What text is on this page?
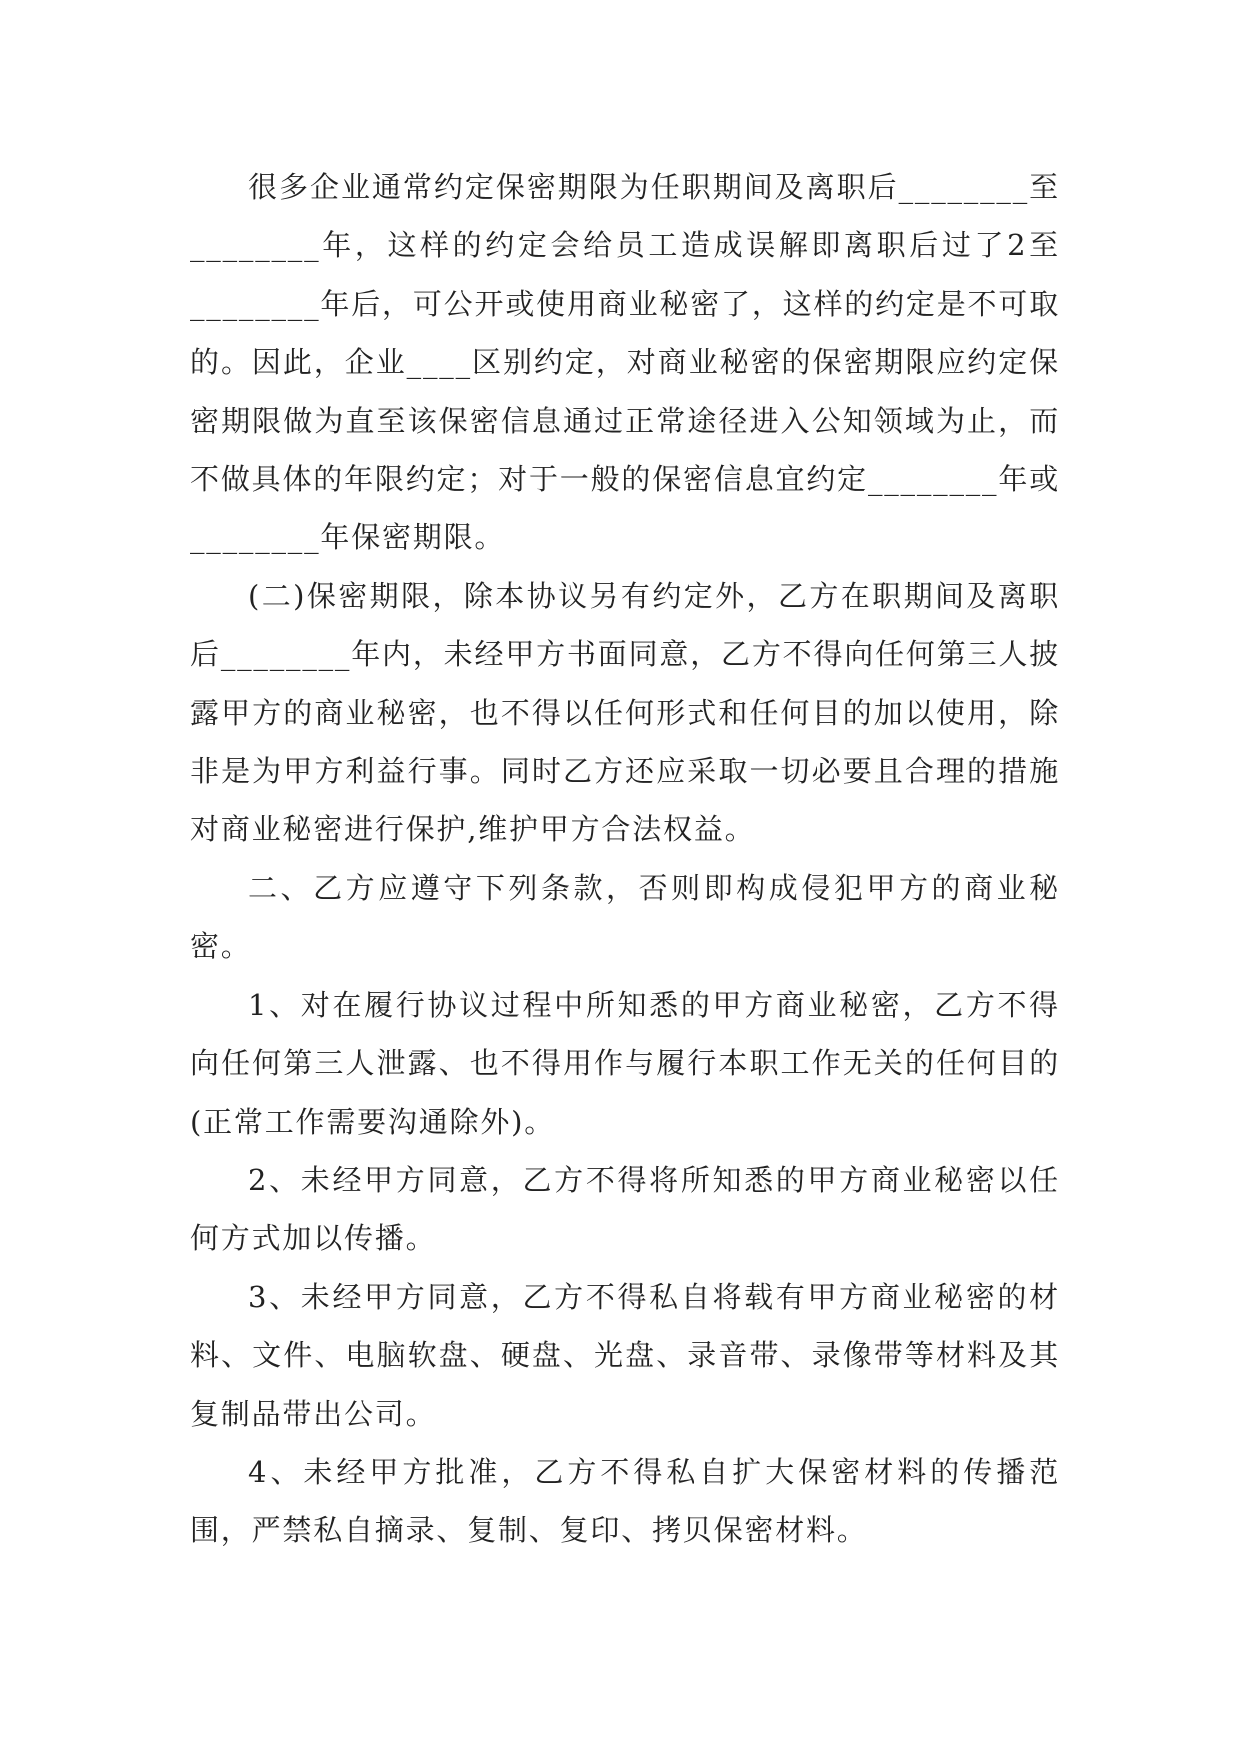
很多企业通常约定保密期限为任职期间及离职后________至________年，这样的约定会给员工造成误解即离职后过了2至________年后，可公开或使用商业秘密了，这样的约定是不可取的。因此，企业____区别约定，对商业秘密的保密期限应约定保密期限做为直至该保密信息通过正常途径进入公知领域为止，而不做具体的年限约定；对于一般的保密信息宜约定________年或________年保密期限。

(二)保密期限，除本协议另有约定外，乙方在职期间及离职后________年内，未经甲方书面同意，乙方不得向任何第三人披露甲方的商业秘密，也不得以任何形式和任何目的加以使用，除非是为甲方利益行事。同时乙方还应采取一切必要且合理的措施对商业秘密进行保护,维护甲方合法权益。

二、乙方应遵守下列条款，否则即构成侵犯甲方的商业秘密。

1、对在履行协议过程中所知悉的甲方商业秘密，乙方不得向任何第三人泄露、也不得用作与履行本职工作无关的任何目的(正常工作需要沟通除外)。

2、未经甲方同意，乙方不得将所知悉的甲方商业秘密以任何方式加以传播。

3、未经甲方同意，乙方不得私自将载有甲方商业秘密的材料、文件、电脑软盘、硬盘、光盘、录音带、录像带等材料及其复制品带出公司。

4、未经甲方批准，乙方不得私自扩大保密材料的传播范围，严禁私自摘录、复制、复印、拷贝保密材料。
